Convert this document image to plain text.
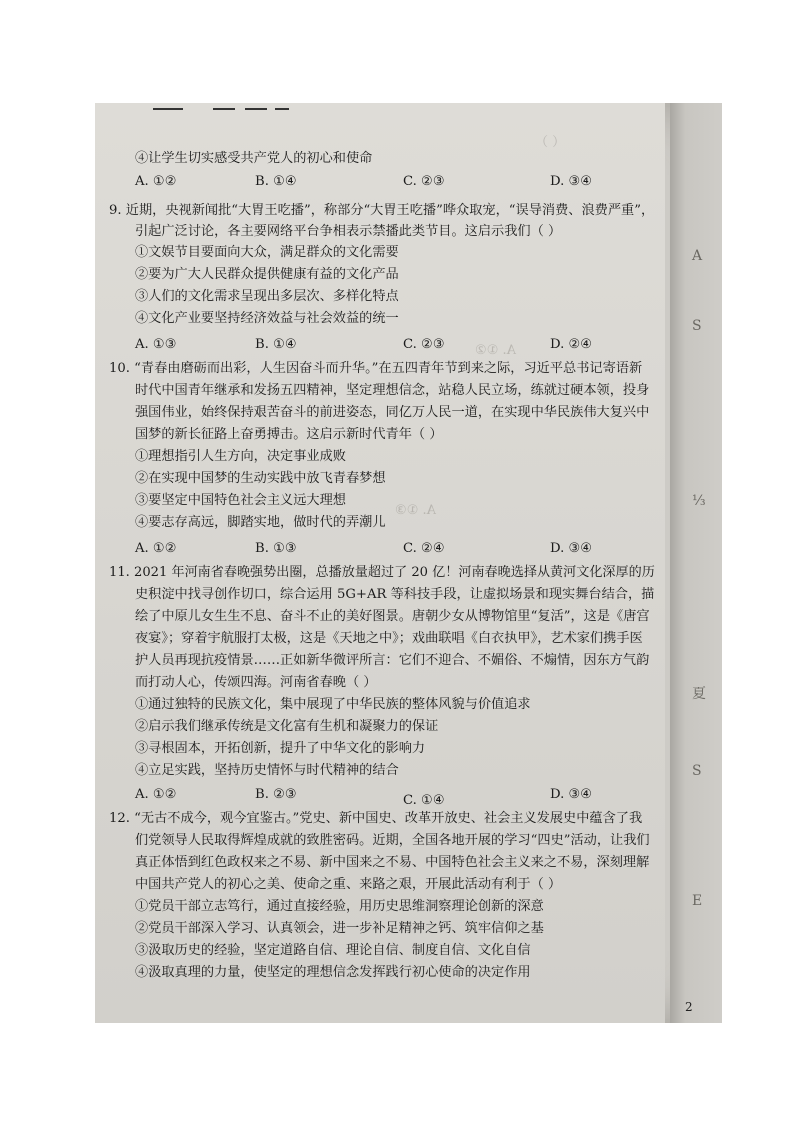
A. ①②
（ ）
A. ①③
④让学生切实感受共产党人的初心和使命
9. 近期，央视新闻批“大胃王吃播”，称部分“大胃王吃播”哗众取宠，“误导消费、浪费严重”，
引起广泛讨论，各主要网络平台争相表示禁播此类节目。这启示我们（ ）
①文娱节目要面向大众，满足群众的文化需要
②要为广大人民群众提供健康有益的文化产品
③人们的文化需求呈现出多层次、多样化特点
④文化产业要坚持经济效益与社会效益的统一
10. “青春由磨砺而出彩，人生因奋斗而升华。”在五四青年节到来之际，习近平总书记寄语新
时代中国青年继承和发扬五四精神，坚定理想信念，站稳人民立场，练就过硬本领，投身
强国伟业，始终保持艰苦奋斗的前进姿态，同亿万人民一道，在实现中华民族伟大复兴中
国梦的新长征路上奋勇搏击。这启示新时代青年（ ）
①理想指引人生方向，决定事业成败
②在实现中国梦的生动实践中放飞青春梦想
③要坚定中国特色社会主义远大理想
④要志存高远，脚踏实地，做时代的弄潮儿
11. 2021 年河南省春晚强势出圈，总播放量超过了 20 亿！河南春晚选择从黄河文化深厚的历
史积淀中找寻创作切口，综合运用 5G+AR 等科技手段，让虚拟场景和现实舞台结合，描
绘了中原儿女生生不息、奋斗不止的美好图景。唐朝少女从博物馆里“复活”，这是《唐宫
夜宴》；穿着宇航服打太极，这是《天地之中》；戏曲联唱《白衣执甲》，艺术家们携手医
护人员再现抗疫情景……正如新华微评所言：它们不迎合、不媚俗、不煽情，因东方气韵
而打动人心，传颂四海。河南省春晚（ ）
①通过独特的民族文化，集中展现了中华民族的整体风貌与价值追求
②启示我们继承传统是文化富有生机和凝聚力的保证
③寻根固本，开拓创新，提升了中华文化的影响力
④立足实践，坚持历史情怀与时代精神的结合
12. “无古不成今，观今宜鉴古。”党史、新中国史、改革开放史、社会主义发展史中蕴含了我
们党领导人民取得辉煌成就的致胜密码。近期，全国各地开展的学习“四史”活动，让我们
真正体悟到红色政权来之不易、新中国来之不易、中国特色社会主义来之不易，深刻理解
中国共产党人的初心之美、使命之重、来路之艰，开展此活动有利于（ ）
①党员干部立志笃行，通过直接经验，用历史思维洞察理论创新的深意
②党员干部深入学习、认真领会，进一步补足精神之钙、筑牢信仰之基
③汲取历史的经验，坚定道路自信、理论自信、制度自信、文化自信
④汲取真理的力量，使坚定的理想信念发挥践行初心使命的决定作用
A. ①②	B. ①④	C. ②③	D. ③④
A. ①③	B. ①④	C. ②③	D. ②④
A. ①②	B. ①③	C. ②④	D. ③④
A. ①②	B. ②③	C. ①④	D. ③④
A
S
⅓
夏
S
E
2
